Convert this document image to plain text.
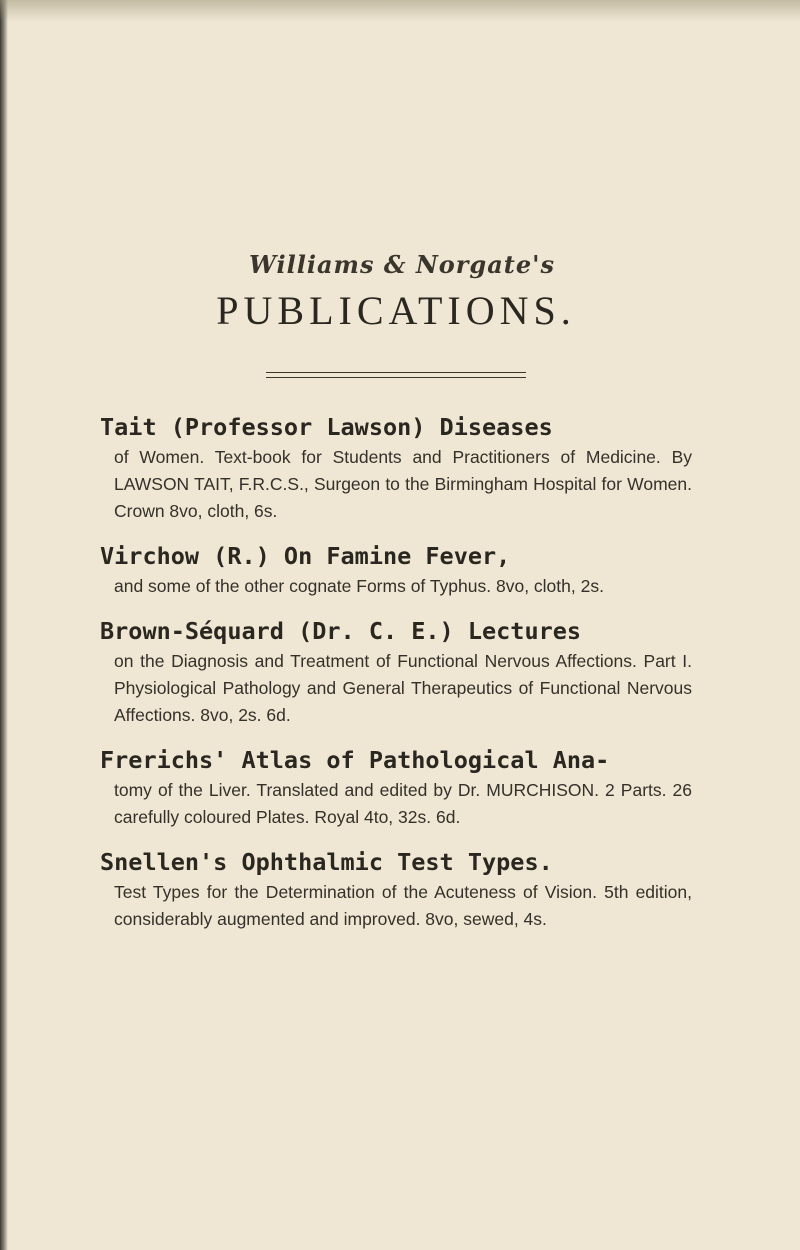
Williams & Norgate's
PUBLICATIONS.
Tait (Professor Lawson) Diseases
of Women. Text-book for Students and Practitioners of Medicine. By LAWSON TAIT, F.R.C.S., Surgeon to the Birmingham Hospital for Women. Crown 8vo, cloth, 6s.
Virchow (R.) On Famine Fever,
and some of the other cognate Forms of Typhus. 8vo, cloth, 2s.
Brown-Séquard (Dr. C. E.) Lectures
on the Diagnosis and Treatment of Functional Nervous Affections. Part I. Physiological Pathology and General Therapeutics of Functional Nervous Affections. 8vo, 2s. 6d.
Frerichs' Atlas of Pathological Ana-
tomy of the Liver. Translated and edited by Dr. MURCHISON. 2 Parts. 26 carefully coloured Plates. Royal 4to, 32s. 6d.
Snellen's Ophthalmic Test Types.
Test Types for the Determination of the Acuteness of Vision. 5th edition, considerably augmented and improved. 8vo, sewed, 4s.
